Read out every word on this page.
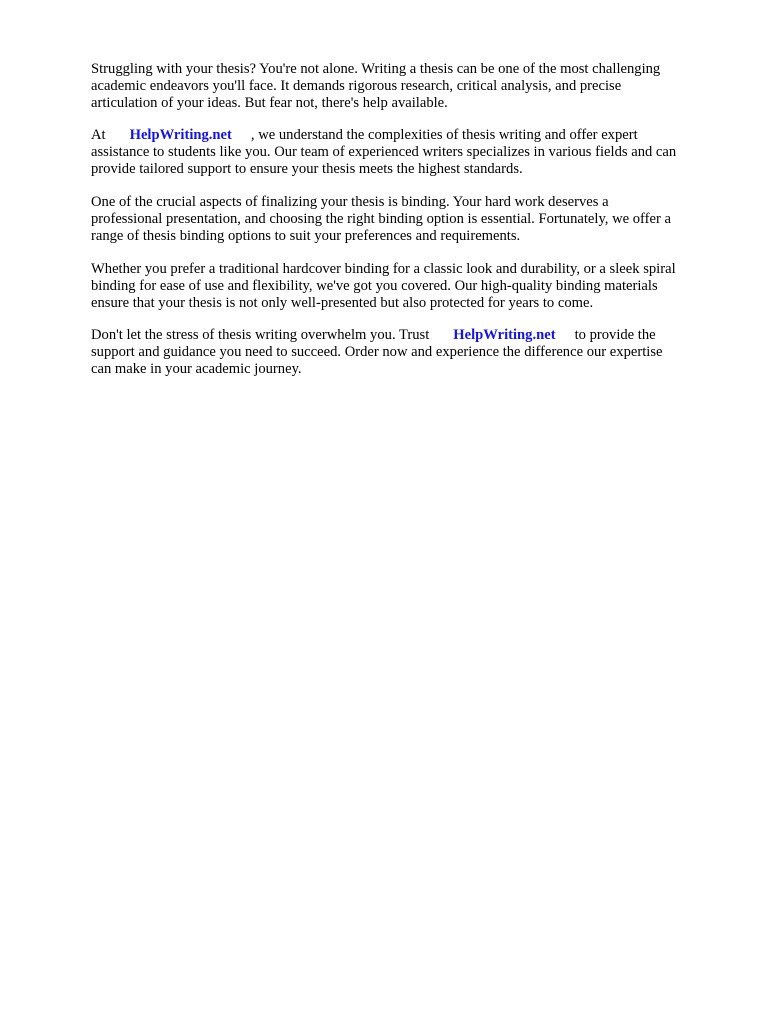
Struggling with your thesis? You're not alone. Writing a thesis can be one of the most challenging
academic endeavors you'll face. It demands rigorous research, critical analysis, and precise
articulation of your ideas. But fear not, there's help available.

At HelpWriting.net , we understand the complexities of thesis writing and offer expert
assistance to students like you. Our team of experienced writers specializes in various fields and can
provide tailored support to ensure your thesis meets the highest standards.

One of the crucial aspects of finalizing your thesis is binding. Your hard work deserves a
professional presentation, and choosing the right binding option is essential. Fortunately, we offer a
range of thesis binding options to suit your preferences and requirements.

Whether you prefer a traditional hardcover binding for a classic look and durability, or a sleek spiral
binding for ease of use and flexibility, we've got you covered. Our high-quality binding materials
ensure that your thesis is not only well-presented but also protected for years to come.

Don't let the stress of thesis writing overwhelm you. Trust HelpWriting.net to provide the
support and guidance you need to succeed. Order now and experience the difference our expertise
can make in your academic journey.
